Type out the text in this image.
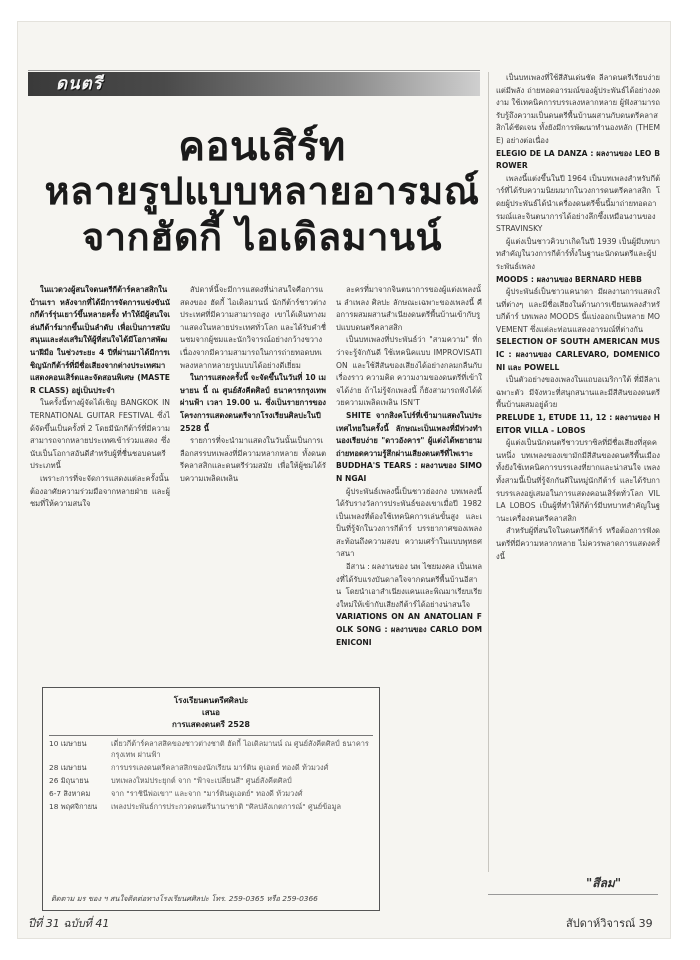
ดนตรี
คอนเสิร์ท
หลายรูปแบบหลายอารมณ์
จากฮัดกี้ ไอเดิลมานน์

เป็นบทเพลงที่ใช้สีสันเด่นชัด ลีลาดนตรีเรียบง่ายแต่มีพลัง ถ่ายทอดอารมณ์ของผู้ประพันธ์ได้อย่างงดงาม ใช้เทคนิคการบรรเลงหลากหลาย ผู้ฟังสามารถรับรู้ถึงความเป็นดนตรีพื้นบ้านผสานกับดนตรีคลาสสิกได้ชัดเจน ทั้งยังมีการพัฒนาทำนองหลัก (THEME) อย่างต่อเนื่อง

ELEGIO DE LA DANZA : ผลงานของ LEO BROWER

เพลงนี้แต่งขึ้นในปี 1964 เป็นบทเพลงสำหรับกีต้าร์ที่ได้รับความนิยมมากในวงการดนตรีคลาสสิก โดยผู้ประพันธ์ได้นำเครื่องดนตรีชิ้นนี้มาถ่ายทอดอารมณ์และจินตนาการได้อย่างลึกซึ้งเหมือนงานของ STRAVINSKY

ผู้แต่งเป็นชาวคิวบาเกิดในปี 1939 เป็นผู้มีบทบาทสำคัญในวงการกีต้าร์ทั้งในฐานะนักดนตรีและผู้ประพันธ์เพลง

MOODS : ผลงานของ BERNARD HEBB

ผู้ประพันธ์เป็นชาวแคนาดา มีผลงานการแสดงในที่ต่างๆ และมีชื่อเสียงในด้านการเขียนเพลงสำหรับกีต้าร์ บทเพลง MOODS นี้แบ่งออกเป็นหลาย MOVEMENT ซึ่งแต่ละท่อนแสดงอารมณ์ที่ต่างกัน

SELECTION OF SOUTH AMERICAN MUSIC : ผลงานของ CARLEVARO, DOMENICONI และ POWELL

เป็นตัวอย่างของเพลงในแถบอเมริกาใต้ ที่มีลีลาเฉพาะตัว มีจังหวะที่สนุกสนานและมีสีสันของดนตรีพื้นบ้านผสมอยู่ด้วย

PRELUDE 1, ETUDE 11, 12 : ผลงานของ HEITOR VILLA - LOBOS

ผู้แต่งเป็นนักดนตรีชาวบราซิลที่มีชื่อเสียงที่สุดคนหนึ่ง บทเพลงของเขามักมีสีสันของดนตรีพื้นเมือง ทั้งยังใช้เทคนิคการบรรเลงที่ยากและน่าสนใจ เพลงทั้งสามนี้เป็นที่รู้จักกันดีในหมู่นักกีต้าร์ และได้รับการบรรเลงอยู่เสมอในการแสดงคอนเสิร์ตทั่วโลก VILLA LOBOS เป็นผู้ที่ทำให้กีต้าร์มีบทบาทสำคัญในฐานะเครื่องดนตรีคลาสสิก

สำหรับผู้ที่สนใจในดนตรีกีต้าร์ หรือต้องการฟังดนตรีที่มีความหลากหลาย ไม่ควรพลาดการแสดงครั้งนี้

ในแวดวงผู้สนใจดนตรีกีต้าร์คลาสสิกในบ้านเรา หลังจากที่ได้มีการจัดการแข่งขันนักกีต้าร์รุ่นเยาว์ขึ้นหลายครั้ง ทำให้มีผู้สนใจเล่นกีต้าร์มากขึ้นเป็นลำดับ เพื่อเป็นการสนับสนุนและส่งเสริมให้ผู้ที่สนใจได้มีโอกาสพัฒนาฝีมือ ในช่วงระยะ 4 ปีที่ผ่านมาได้มีการเชิญนักกีต้าร์ที่มีชื่อเสียงจากต่างประเทศมาแสดงคอนเสิร์ตและจัดสอนพิเศษ (MASTER CLASS) อยู่เป็นประจำ

ในครั้งนี้ทางผู้จัดได้เชิญ BANGKOK INTERNATIONAL GUITAR FESTIVAL ซึ่งได้จัดขึ้นเป็นครั้งที่ 2 โดยมีนักกีต้าร์ที่มีความสามารถจากหลายประเทศเข้าร่วมแสดง ซึ่งนับเป็นโอกาสอันดีสำหรับผู้ที่ชื่นชอบดนตรีประเภทนี้

เพราะการที่จะจัดการแสดงแต่ละครั้งนั้นต้องอาศัยความร่วมมือจากหลายฝ่าย และผู้ชมที่ให้ความสนใจ

สัปดาห์นี้จะมีการแสดงที่น่าสนใจคือการแสดงของ ฮัดกี้ ไอเดิลมานน์ นักกีต้าร์ชาวต่างประเทศที่มีความสามารถสูง เขาได้เดินทางมาแสดงในหลายประเทศทั่วโลก และได้รับคำชื่นชมจากผู้ชมและนักวิจารณ์อย่างกว้างขวาง เนื่องจากมีความสามารถในการถ่ายทอดบทเพลงหลากหลายรูปแบบได้อย่างดีเยี่ยม

ในการแสดงครั้งนี้ จะจัดขึ้นในวันที่ 10 เมษายน นี้ ณ ศูนย์สังคีตศิลป์ ธนาคารกรุงเทพ ผ่านฟ้า เวลา 19.00 น. ซึ่งเป็นรายการของโครงการแสดงดนตรีจากโรงเรียนศิลปะในปี 2528 นี้

รายการที่จะนำมาแสดงในวันนั้นเป็นการเลือกสรรบทเพลงที่มีความหลากหลาย ทั้งดนตรีคลาสสิกและดนตรีร่วมสมัย เพื่อให้ผู้ชมได้รับความเพลิดเพลิน

ละครที่มาจากจินตนาการของผู้แต่งเพลงนั้น ลำเพลง ศิลปะ ลักษณะเฉพาะของเพลงนี้ คือการผสมผสานสำเนียงดนตรีพื้นบ้านเข้ากับรูปแบบดนตรีคลาสสิก

เป็นบทเพลงที่ประพันธ์ว่า "สามความ" ที่กว่าจะรู้จักกันดี ใช้เทคนิคแบบ IMPROVISATION และใช้สีสันของเสียงได้อย่างกลมกลืนกับเรื่องราว ความคิด ความงามของดนตรีที่เข้าใจได้ง่าย ถ้าไม่รู้จักเพลงนี้ ก็ยังสามารถฟังได้ด้วยความเพลิดเพลิน ISN'T

SHITE จากสิงคโปร์ที่เข้ามาแสดงในประเทศไทยในครั้งนี้ ลักษณะเป็นเพลงที่มีท่วงทำนองเรียบง่าย "ดาวอังคาร" ผู้แต่งได้พยายามถ่ายทอดความรู้สึกผ่านเสียงดนตรีที่ไพเราะ

BUDDHA'S TEARS : ผลงานของ SIMON NGAI

ผู้ประพันธ์เพลงนี้เป็นชาวฮ่องกง บทเพลงนี้ได้รับรางวัลการประพันธ์ของเขาเมื่อปี 1982 เป็นเพลงที่ต้องใช้เทคนิคการเล่นขั้นสูง และเป็นที่รู้จักในวงการกีต้าร์ บรรยากาศของเพลงสะท้อนถึงความสงบ ความเศร้าในแบบพุทธศาสนา

อีสาน : ผลงานของ นพ ไชยมงคล เป็นเพลงที่ได้รับแรงบันดาลใจจากดนตรีพื้นบ้านอีสาน โดยนำเอาสำเนียงแคนและพิณมาเรียบเรียงใหม่ให้เข้ากับเสียงกีต้าร์ได้อย่างน่าสนใจ

VARIATIONS ON AN ANATOLIAN FOLK SONG : ผลงานของ CARLO DOMENICONI

โรงเรียนดนตรีศศิลปะ
เสนอ
การแสดงดนตรี 2528
10 เมษายน	เดี่ยวกีต้าร์คลาสสิคของชาวต่างชาติ ฮัดกี้ ไอเดิลมานน์ ณ ศูนย์สังคีตศิลป์ ธนาคารกรุงเทพ ผ่านฟ้า
28 เมษายน	การบรรเลงดนตรีคลาสสิกของนักเรียน มาร์ติน ดูเอตย์ ทองดี ท้วมวงศ์
26 มิถุนายน	บทเพลงใหม่ประยุกต์ จาก "ฟ้าจะเปลี่ยนสี" ศูนย์สังคีตศิลป์
6-7 สิงหาคม	จาก "ราชินีพ่อเขา" และจาก "มาร์ตินดูเอตย์" ทองดี ท้วมวงศ์
18 พฤศจิกายน	เพลงประพันธ์การประกวดดนตรีนานาชาติ "ศิลปสังเกตการณ์" ศูนย์ข้อมูล
ติดตาม มร ของ ฯ สนใจติดต่อทางโรงเรียนศศิลปะ โทร. 259-0365 หรือ 259-0366
"สีลม"
ปีที่ 31 ฉบับที่ 41	สัปดาห์วิจารณ์ 39
